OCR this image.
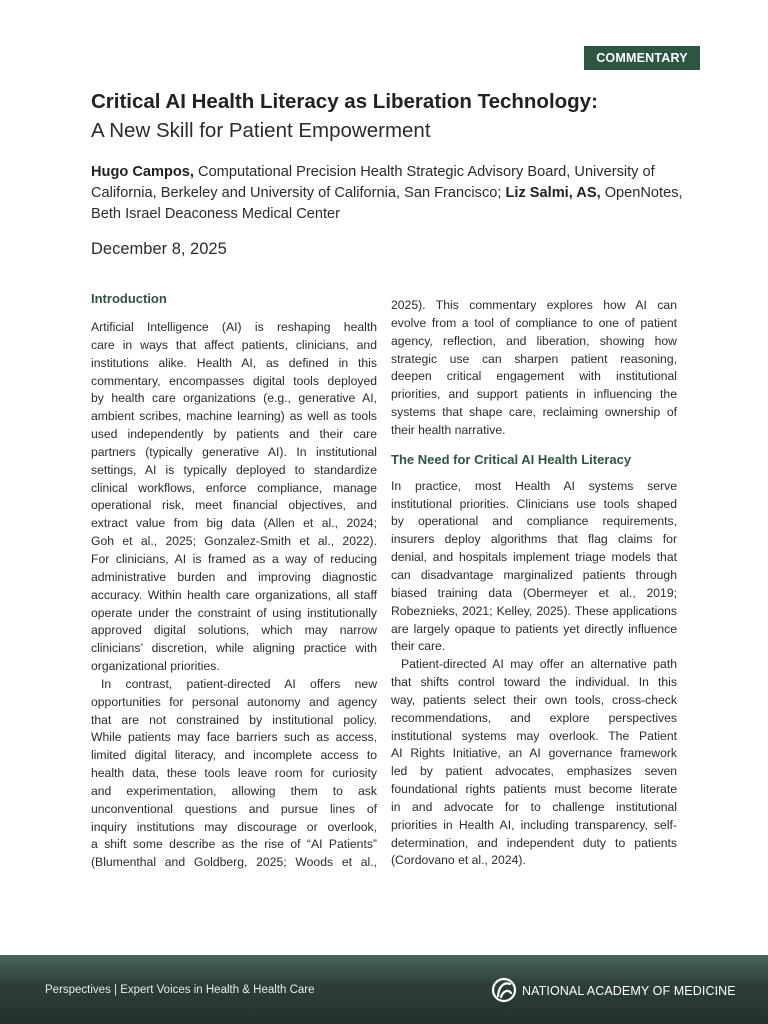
COMMENTARY
Critical AI Health Literacy as Liberation Technology:
A New Skill for Patient Empowerment

Hugo Campos, Computational Precision Health Strategic Advisory Board, University of California, Berkeley and University of California, San Francisco; Liz Salmi, AS, OpenNotes, Beth Israel Deaconess Medical Center

December 8, 2025

Introduction
Artificial Intelligence (AI) is reshaping health
care in ways that affect patients, clinicians, and
institutions alike. Health AI, as defined in this
commentary, encompasses digital tools deployed
by health care organizations (e.g., generative AI,
ambient scribes, machine learning) as well as tools
used independently by patients and their care
partners (typically generative AI). In institutional
settings, AI is typically deployed to standardize
clinical workflows, enforce compliance, manage
operational risk, meet financial objectives, and
extract value from big data (Allen et al., 2024;
Goh et al., 2025; Gonzalez-Smith et al., 2022).
For clinicians, AI is framed as a way of reducing
administrative burden and improving diagnostic
accuracy. Within health care organizations, all staff
operate under the constraint of using institutionally
approved digital solutions, which may narrow
clinicians’ discretion, while aligning practice with
organizational priorities.
In contrast, patient-directed AI offers new
opportunities for personal autonomy and agency
that are not constrained by institutional policy.
While patients may face barriers such as access,
limited digital literacy, and incomplete access to
health data, these tools leave room for curiosity
and experimentation, allowing them to ask
unconventional questions and pursue lines of
inquiry institutions may discourage or overlook,
a shift some describe as the rise of “AI Patients”
(Blumenthal and Goldberg, 2025; Woods et al.,
2025). This commentary explores how AI can
evolve from a tool of compliance to one of patient
agency, reflection, and liberation, showing how
strategic use can sharpen patient reasoning,
deepen critical engagement with institutional
priorities, and support patients in influencing the
systems that shape care, reclaiming ownership of
their health narrative.
The Need for Critical AI Health Literacy
In practice, most Health AI systems serve
institutional priorities. Clinicians use tools shaped
by operational and compliance requirements,
insurers deploy algorithms that flag claims for
denial, and hospitals implement triage models that
can disadvantage marginalized patients through
biased training data (Obermeyer et al., 2019;
Robeznieks, 2021; Kelley, 2025). These applications
are largely opaque to patients yet directly influence
their care.
Patient-directed AI may offer an alternative path
that shifts control toward the individual. In this
way, patients select their own tools, cross-check
recommendations, and explore perspectives
institutional systems may overlook. The Patient
AI Rights Initiative, an AI governance framework
led by patient advocates, emphasizes seven
foundational rights patients must become literate
in and advocate for to challenge institutional
priorities in Health AI, including transparency, self-
determination, and independent duty to patients
(Cordovano et al., 2024).
Perspectives | Expert Voices in Health & Health Care	NATIONAL ACADEMY OF MEDICINE
